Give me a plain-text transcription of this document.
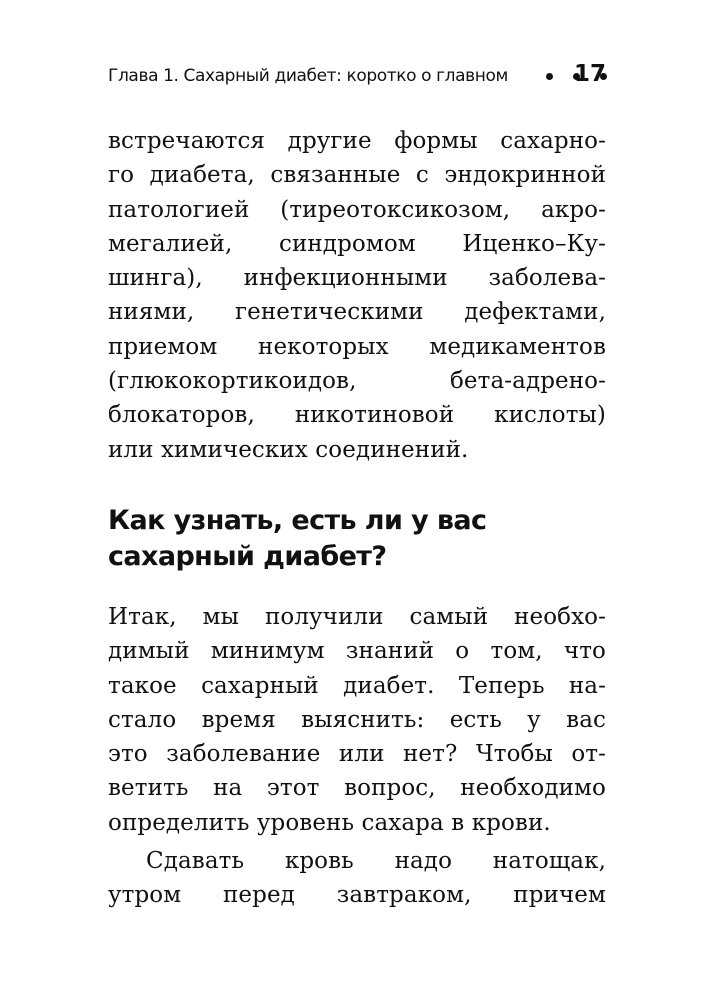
Глава 1. Сахарный диабет: коротко о главном	17
встречаются другие формы сахарно-
го диабета, связанные с эндокринной
патологией (тиреотоксикозом, акро-
мегалией, синдромом Иценко–Ку-
шинга), инфекционными заболева-
ниями, генетическими дефектами,
приемом некоторых медикаментов
(глюкокортикоидов, бета-адрено-
блокаторов, никотиновой кислоты)
или химических соединений.
Как узнать, есть ли у вас
сахарный диабет?
Итак, мы получили самый необхо-
димый минимум знаний о том, что
такое сахарный диабет. Теперь на-
стало время выяснить: есть у вас
это заболевание или нет? Чтобы от-
ветить на этот вопрос, необходимо
определить уровень сахара в крови.
Сдавать кровь надо натощак,
утром перед завтраком, причем
